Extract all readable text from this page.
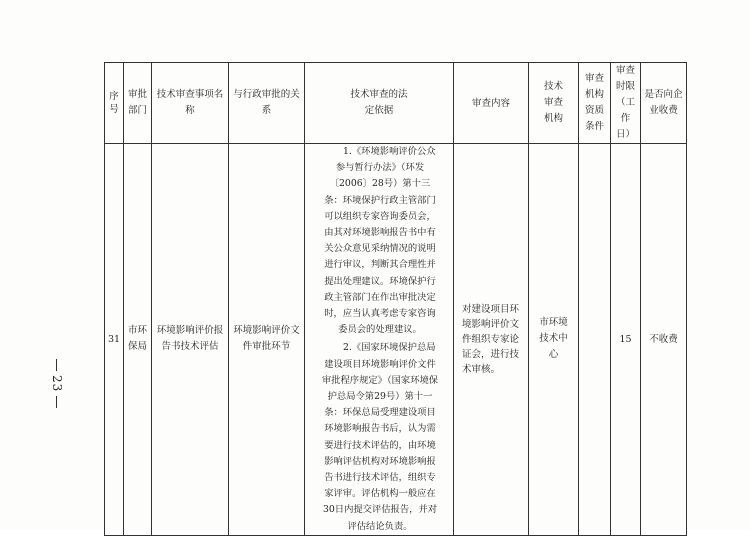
序号	审批部门	技术审查事项名称	与行政审批的关系	技术审查的法定依据	审查内容	技术审查机构	审查机构资质条件	审查时限（工作日）	是否向企业收费
31	市环保局	环境影响评价报告书技术评估	环境影响评价文件审批环节	1.《环境影响评价公众参与暂行办法》（环发〔2006〕28号）第十三条：环境保护行政主管部门可以组织专家咨询委员会，由其对环境影响报告书中有关公众意见采纳情况的说明进行审议，判断其合理性并提出处理建议。环境保护行政主管部门在作出审批决定时，应当认真考虑专家咨询委员会的处理建议。

2.《国家环境保护总局建设项目环境影响评价文件审批程序规定》（国家环境保护总局令第29号）第十一条：环保总局受理建设项目环境影响报告书后，认为需要进行技术评估的，由环境影响评估机构对环境影响报告书进行技术评估，组织专家评审。评估机构一般应在30日内提交评估报告，并对评估结论负责。	对建设项目环境影响评价文件组织专家论证会，进行技术审核。	市环境技术中心		15	不收费
23
